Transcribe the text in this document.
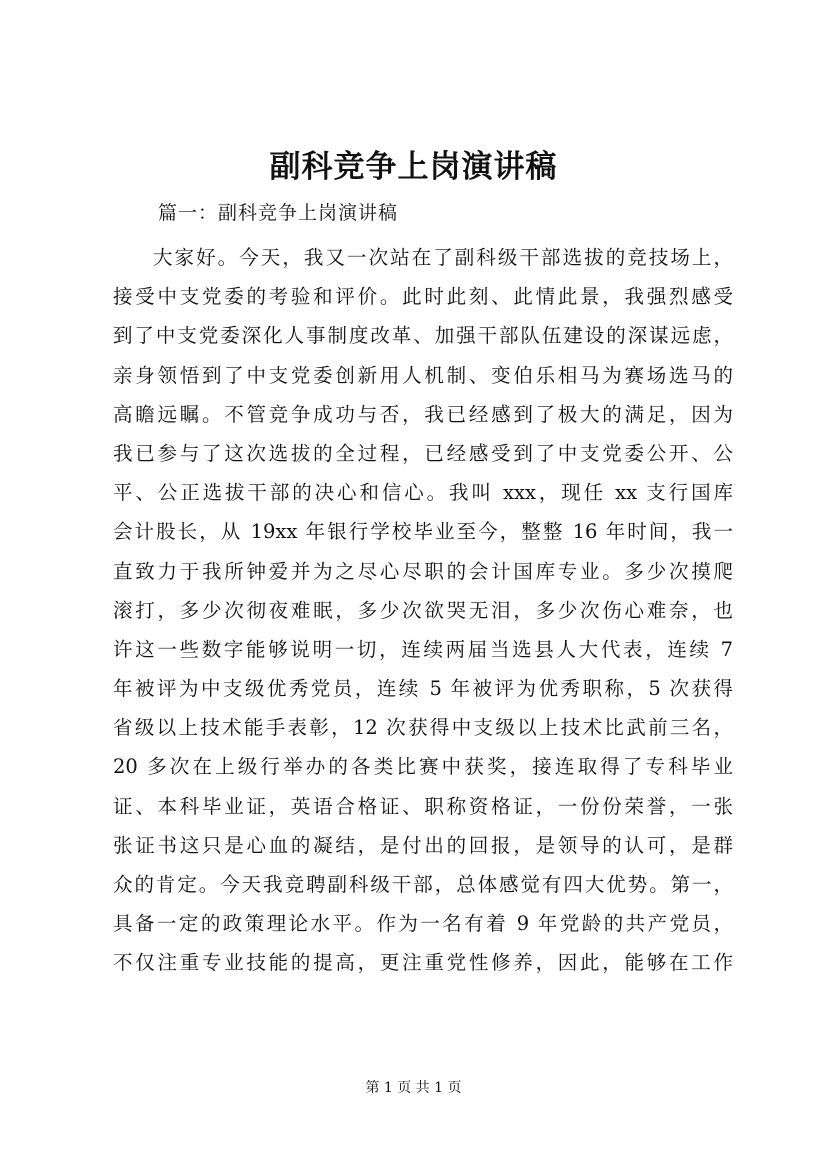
副科竞争上岗演讲稿

篇一：副科竞争上岗演讲稿

大家好。今天，我又一次站在了副科级干部选拔的竞技场上，
接受中支党委的考验和评价。此时此刻、此情此景，我强烈感受
到了中支党委深化人事制度改革、加强干部队伍建设的深谋远虑，
亲身领悟到了中支党委创新用人机制、变伯乐相马为赛场选马的
高瞻远瞩。不管竞争成功与否，我已经感到了极大的满足，因为
我已参与了这次选拔的全过程，已经感受到了中支党委公开、公
平、公正选拔干部的决心和信心。我叫 xxx，现任 xx 支行国库
会计股长，从 19xx 年银行学校毕业至今，整整 16 年时间，我一
直致力于我所钟爱并为之尽心尽职的会计国库专业。多少次摸爬
滚打，多少次彻夜难眠，多少次欲哭无泪，多少次伤心难奈，也
许这一些数字能够说明一切，连续两届当选县人大代表，连续 7
年被评为中支级优秀党员，连续 5 年被评为优秀职称，5 次获得
省级以上技术能手表彰，12 次获得中支级以上技术比武前三名，
20 多次在上级行举办的各类比赛中获奖，接连取得了专科毕业
证、本科毕业证，英语合格证、职称资格证，一份份荣誉，一张
张证书这只是心血的凝结，是付出的回报，是领导的认可，是群
众的肯定。今天我竞聘副科级干部，总体感觉有四大优势。第一，
具备一定的政策理论水平。作为一名有着 9 年党龄的共产党员，
不仅注重专业技能的提高，更注重党性修养，因此，能够在工作

第 1 页 共 1 页
